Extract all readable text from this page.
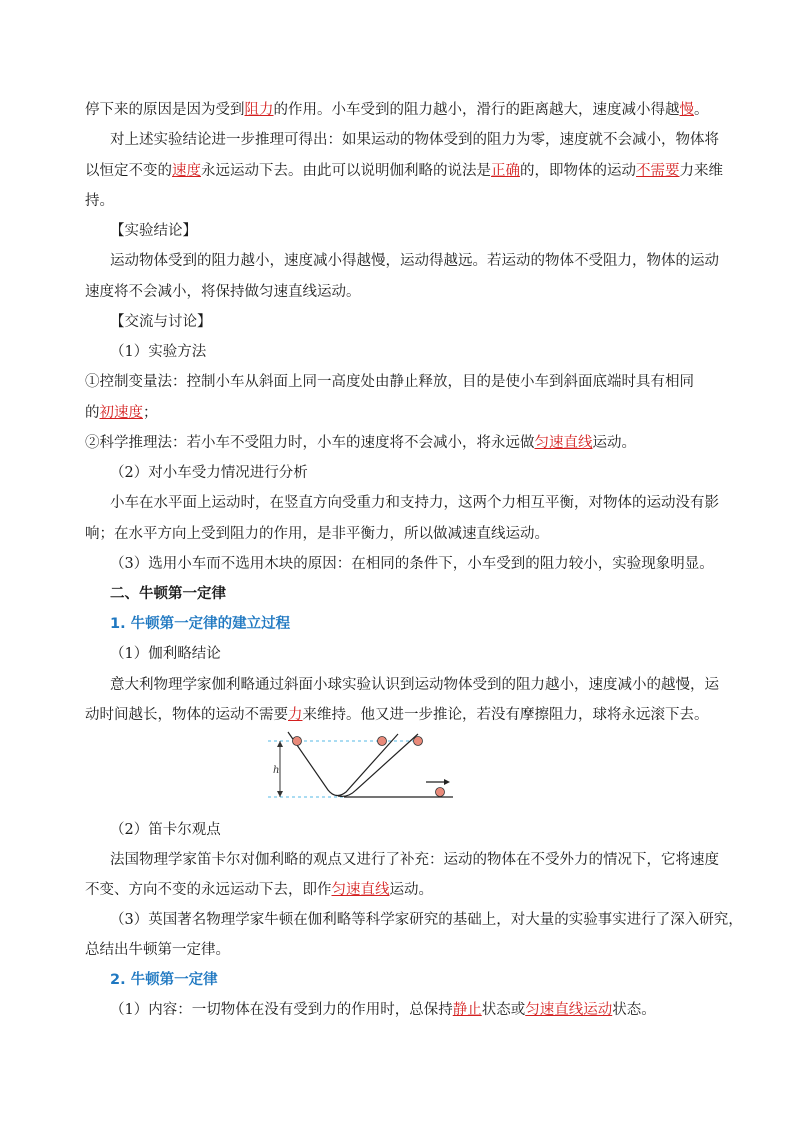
停下来的原因是因为受到阻力的作用。小车受到的阻力越小，滑行的距离越大，速度减小得越慢。
对上述实验结论进一步推理可得出：如果运动的物体受到的阻力为零，速度就不会减小，物体将
以恒定不变的速度永远运动下去。由此可以说明伽利略的说法是正确的，即物体的运动不需要力来维
持。
【实验结论】
运动物体受到的阻力越小，速度减小得越慢，运动得越远。若运动的物体不受阻力，物体的运动
速度将不会减小，将保持做匀速直线运动。
【交流与讨论】
（1）实验方法
①控制变量法：控制小车从斜面上同一高度处由静止释放，目的是使小车到斜面底端时具有相同
的初速度；
②科学推理法：若小车不受阻力时，小车的速度将不会减小，将永远做匀速直线运动。
（2）对小车受力情况进行分析
小车在水平面上运动时，在竖直方向受重力和支持力，这两个力相互平衡，对物体的运动没有影
响；在水平方向上受到阻力的作用，是非平衡力，所以做减速直线运动。
（3）选用小车而不选用木块的原因：在相同的条件下，小车受到的阻力较小，实验现象明显。
二、牛顿第一定律
1. 牛顿第一定律的建立过程
（1）伽利略结论
意大利物理学家伽利略通过斜面小球实验认识到运动物体受到的阻力越小，速度减小的越慢，运
动时间越长，物体的运动不需要力来维持。他又进一步推论，若没有摩擦阻力，球将永远滚下去。
h
（2）笛卡尔观点
法国物理学家笛卡尔对伽利略的观点又进行了补充：运动的物体在不受外力的情况下，它将速度
不变、方向不变的永远运动下去，即作匀速直线运动。
（3）英国著名物理学家牛顿在伽利略等科学家研究的基础上，对大量的实验事实进行了深入研究，
总结出牛顿第一定律。
2. 牛顿第一定律
（1）内容：一切物体在没有受到力的作用时，总保持静止状态或匀速直线运动状态。
